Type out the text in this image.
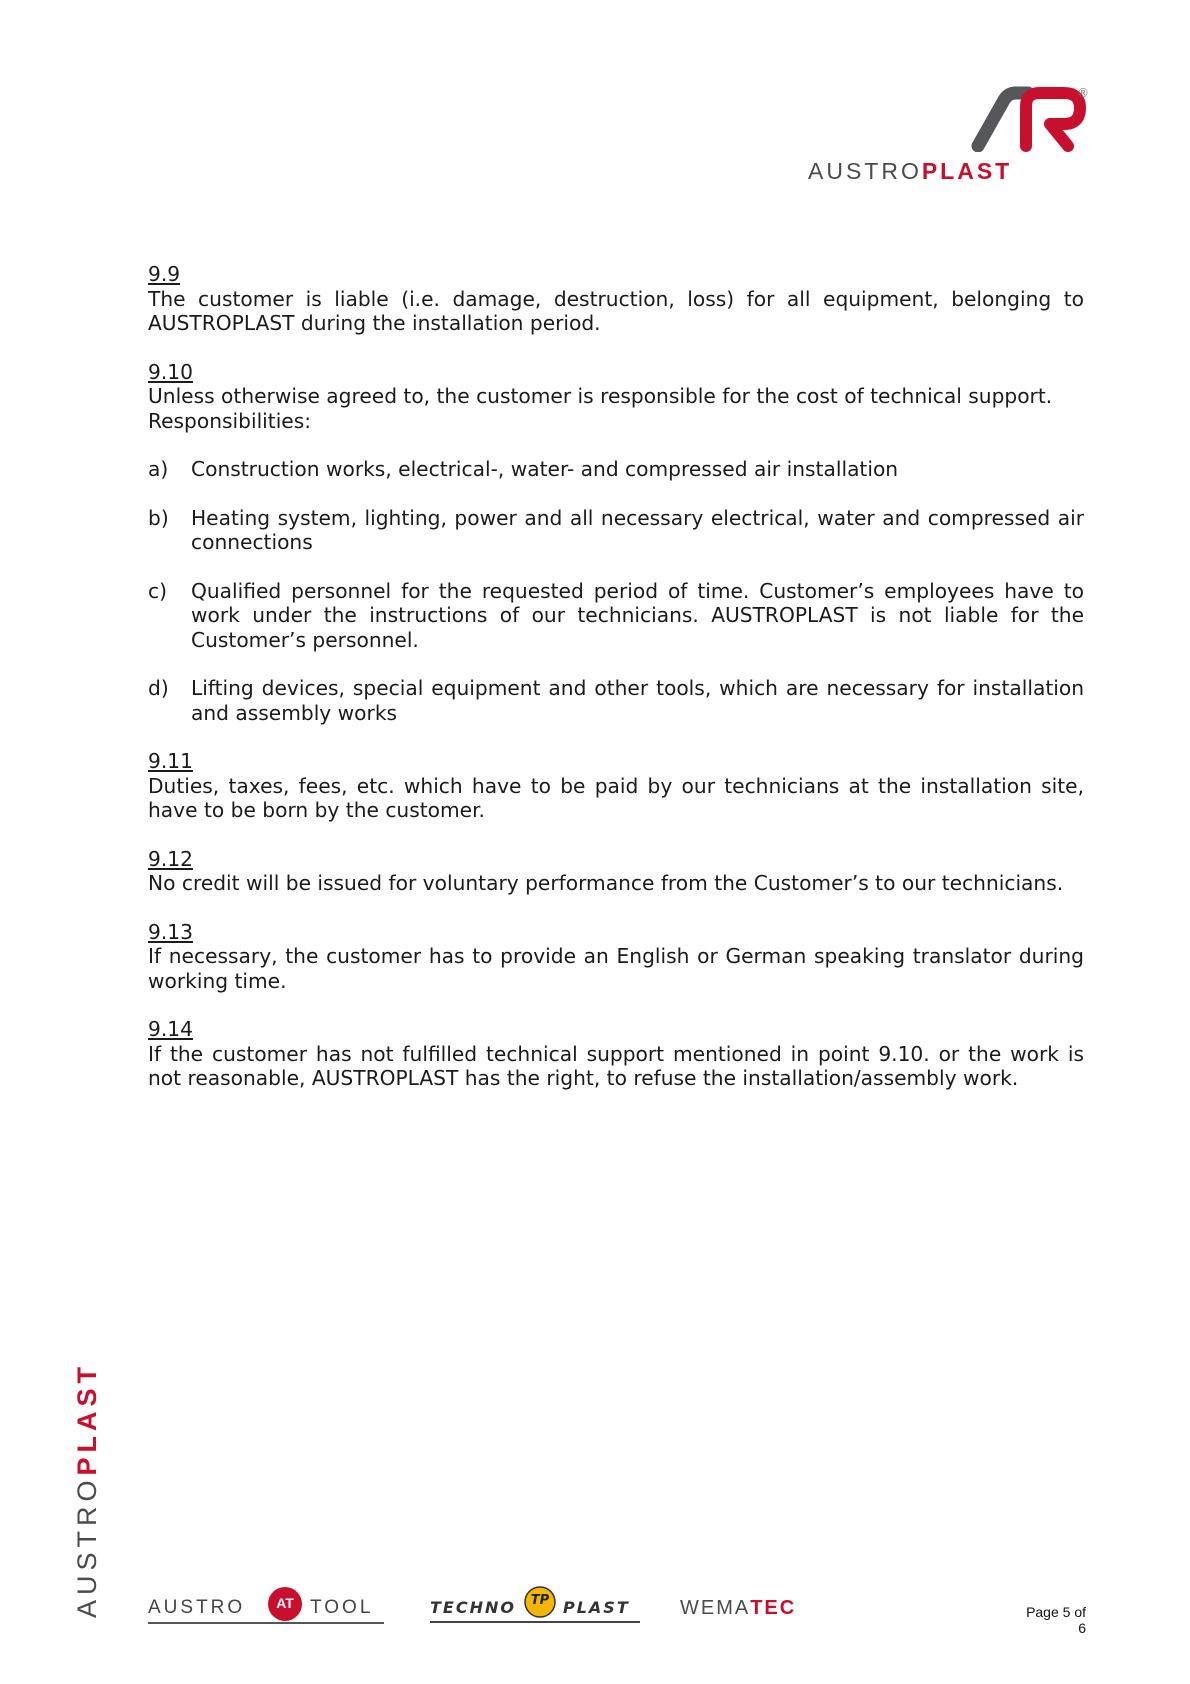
®
AUSTROPLAST
9.9
The customer is liable (i.e. damage, destruction, loss) for all equipment, belonging to AUSTROPLAST during the installation period.
9.10
Unless otherwise agreed to, the customer is responsible for the cost of technical support.
Responsibilities:
a) Construction works, electrical-, water- and compressed air installation
b) Heating system, lighting, power and all necessary electrical, water and compressed air connections
c) Qualified personnel for the requested period of time. Customer’s employees have to work under the instructions of our technicians. AUSTROPLAST is not liable for the Customer’s personnel.
d) Lifting devices, special equipment and other tools, which are necessary for installation and assembly works
9.11
Duties, taxes, fees, etc. which have to be paid by our technicians at the installation site, have to be born by the customer.
9.12
No credit will be issued for voluntary performance from the Customer’s to our technicians.
9.13
If necessary, the customer has to provide an English or German speaking translator during working time.
9.14
If the customer has not fulfilled technical support mentioned in point 9.10. or the work is not reasonable, AUSTROPLAST has the right, to refuse the installation/assembly work.
AUSTROPLAST
AUSTRO	AT TOOL	TECHNO	TP PLAST	WEMATEC	Page 5 of 6
